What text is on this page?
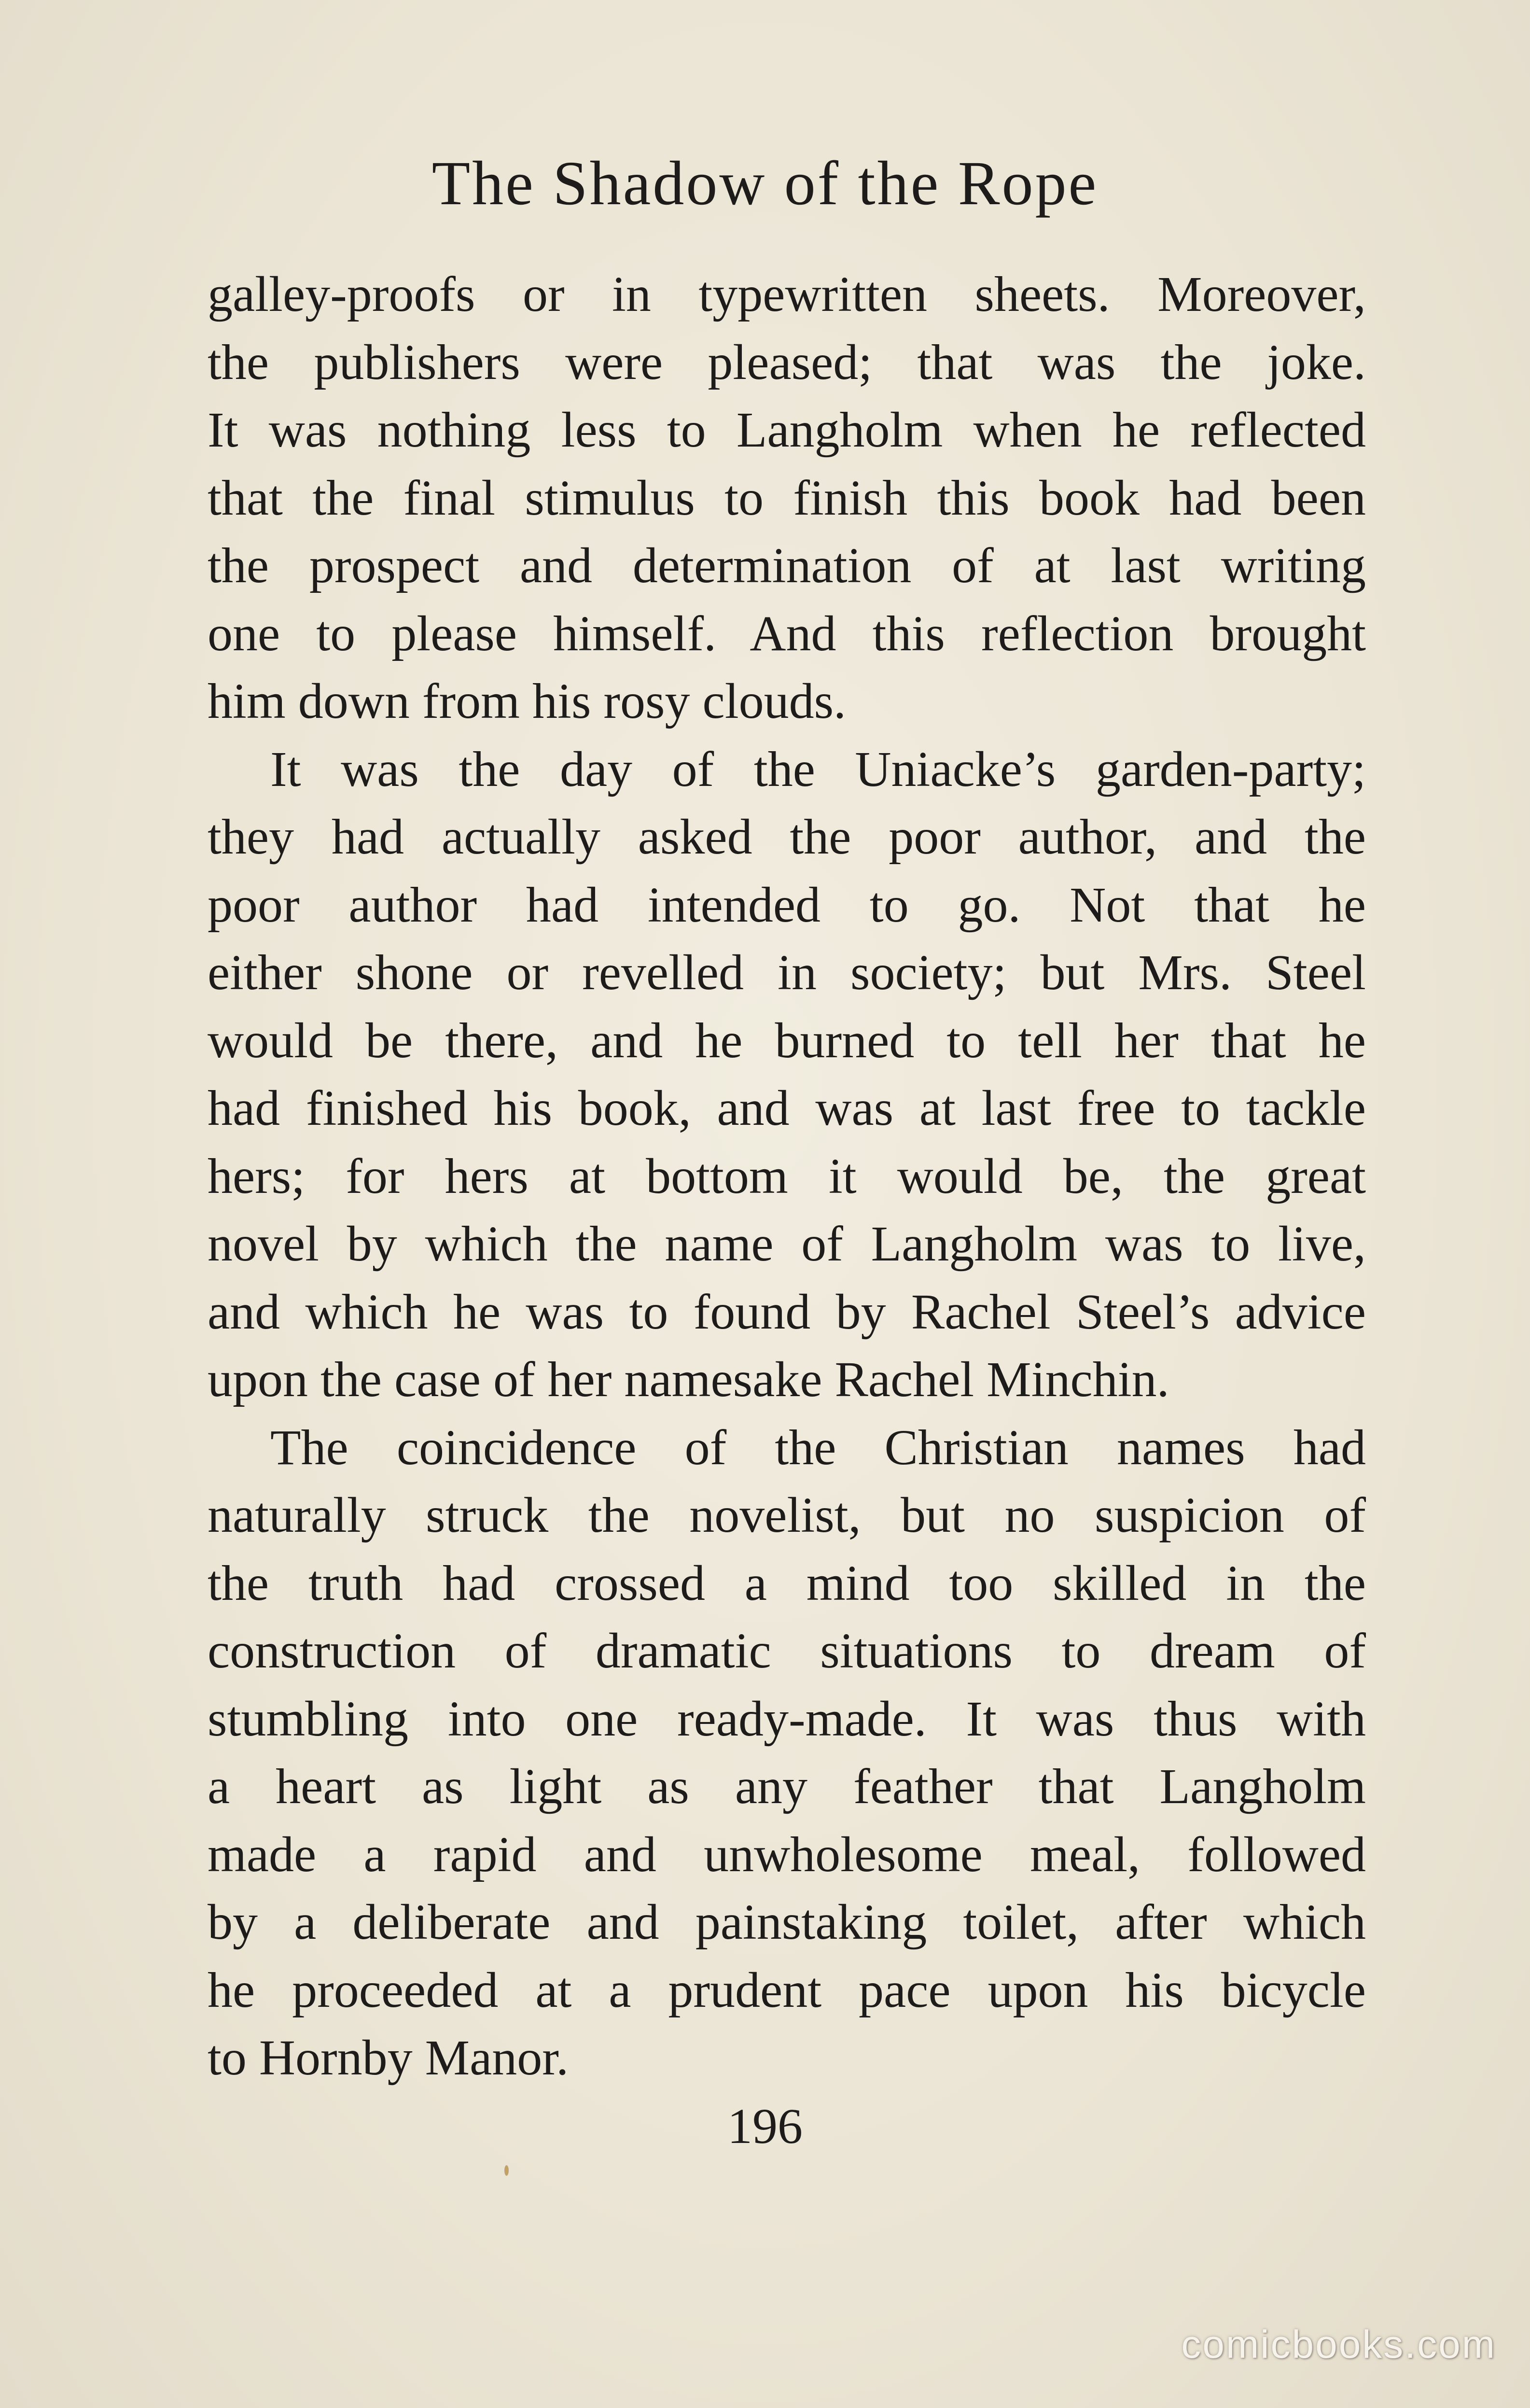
The Shadow of the Rope
galley-proofs or in typewritten sheets. Moreover,
the publishers were pleased; that was the joke.
It was nothing less to Langholm when he reflected
that the final stimulus to finish this book had been
the prospect and determination of at last writing
one to please himself. And this reflection brought
him down from his rosy clouds.
It was the day of the Uniacke’s garden-party;
they had actually asked the poor author, and the
poor author had intended to go. Not that he
either shone or revelled in society; but Mrs. Steel
would be there, and he burned to tell her that he
had finished his book, and was at last free to tackle
hers; for hers at bottom it would be, the great
novel by which the name of Langholm was to live,
and which he was to found by Rachel Steel’s advice
upon the case of her namesake Rachel Minchin.
The coincidence of the Christian names had
naturally struck the novelist, but no suspicion of
the truth had crossed a mind too skilled in the
construction of dramatic situations to dream of
stumbling into one ready-made. It was thus with
a heart as light as any feather that Langholm
made a rapid and unwholesome meal, followed
by a deliberate and painstaking toilet, after which
he proceeded at a prudent pace upon his bicycle
to Hornby Manor.
196
comicbooks.com
